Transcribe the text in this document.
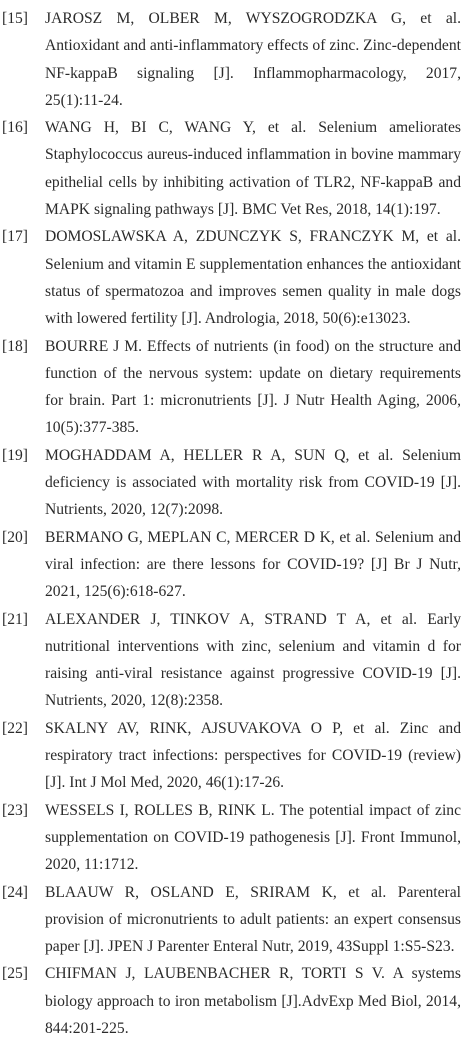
[15]	JAROSZ M, OLBER M, WYSZOGRODZKA G, et al. Antioxidant and anti-inflammatory effects of zinc. Zinc-dependent NF-kappaB signaling [J]. Inflammopharmacology, 2017, 25(1):11-24.
[16]	WANG H, BI C, WANG Y, et al. Selenium ameliorates Staphylococcus aureus-induced inflammation in bovine mammary epithelial cells by inhibiting activation of TLR2, NF-kappaB and MAPK signaling pathways [J]. BMC Vet Res, 2018, 14(1):197.
[17]	DOMOSLAWSKA A, ZDUNCZYK S, FRANCZYK M, et al. Selenium and vitamin E supplementation enhances the antioxidant status of spermatozoa and improves semen quality in male dogs with lowered fertility [J]. Andrologia, 2018, 50(6):e13023.
[18]	BOURRE J M. Effects of nutrients (in food) on the structure and function of the nervous system: update on dietary requirements for brain. Part 1: micronutrients [J]. J Nutr Health Aging, 2006, 10(5):377-385.
[19]	MOGHADDAM A, HELLER R A, SUN Q, et al. Selenium deficiency is associated with mortality risk from COVID-19 [J]. Nutrients, 2020, 12(7):2098.
[20]	BERMANO G, MEPLAN C, MERCER D K, et al. Selenium and viral infection: are there lessons for COVID-19? [J] Br J Nutr, 2021, 125(6):618-627.
[21]	ALEXANDER J, TINKOV A, STRAND T A, et al. Early nutritional interventions with zinc, selenium and vitamin d for raising anti-viral resistance against progressive COVID-19 [J]. Nutrients, 2020, 12(8):2358.
[22]	SKALNY AV, RINK, AJSUVAKOVA O P, et al. Zinc and respiratory tract infections: perspectives for COVID-19 (review) [J]. Int J Mol Med, 2020, 46(1):17-26.
[23]	WESSELS I, ROLLES B, RINK L. The potential impact of zinc supplementation on COVID-19 pathogenesis [J]. Front Immunol, 2020, 11:1712.
[24]	BLAAUW R, OSLAND E, SRIRAM K, et al. Parenteral provision of micronutrients to adult patients: an expert consensus paper [J]. JPEN J Parenter Enteral Nutr, 2019, 43Suppl 1:S5-S23.
[25]	CHIFMAN J, LAUBENBACHER R, TORTI S V. A systems biology approach to iron metabolism [J].AdvExp Med Biol, 2014, 844:201-225.
